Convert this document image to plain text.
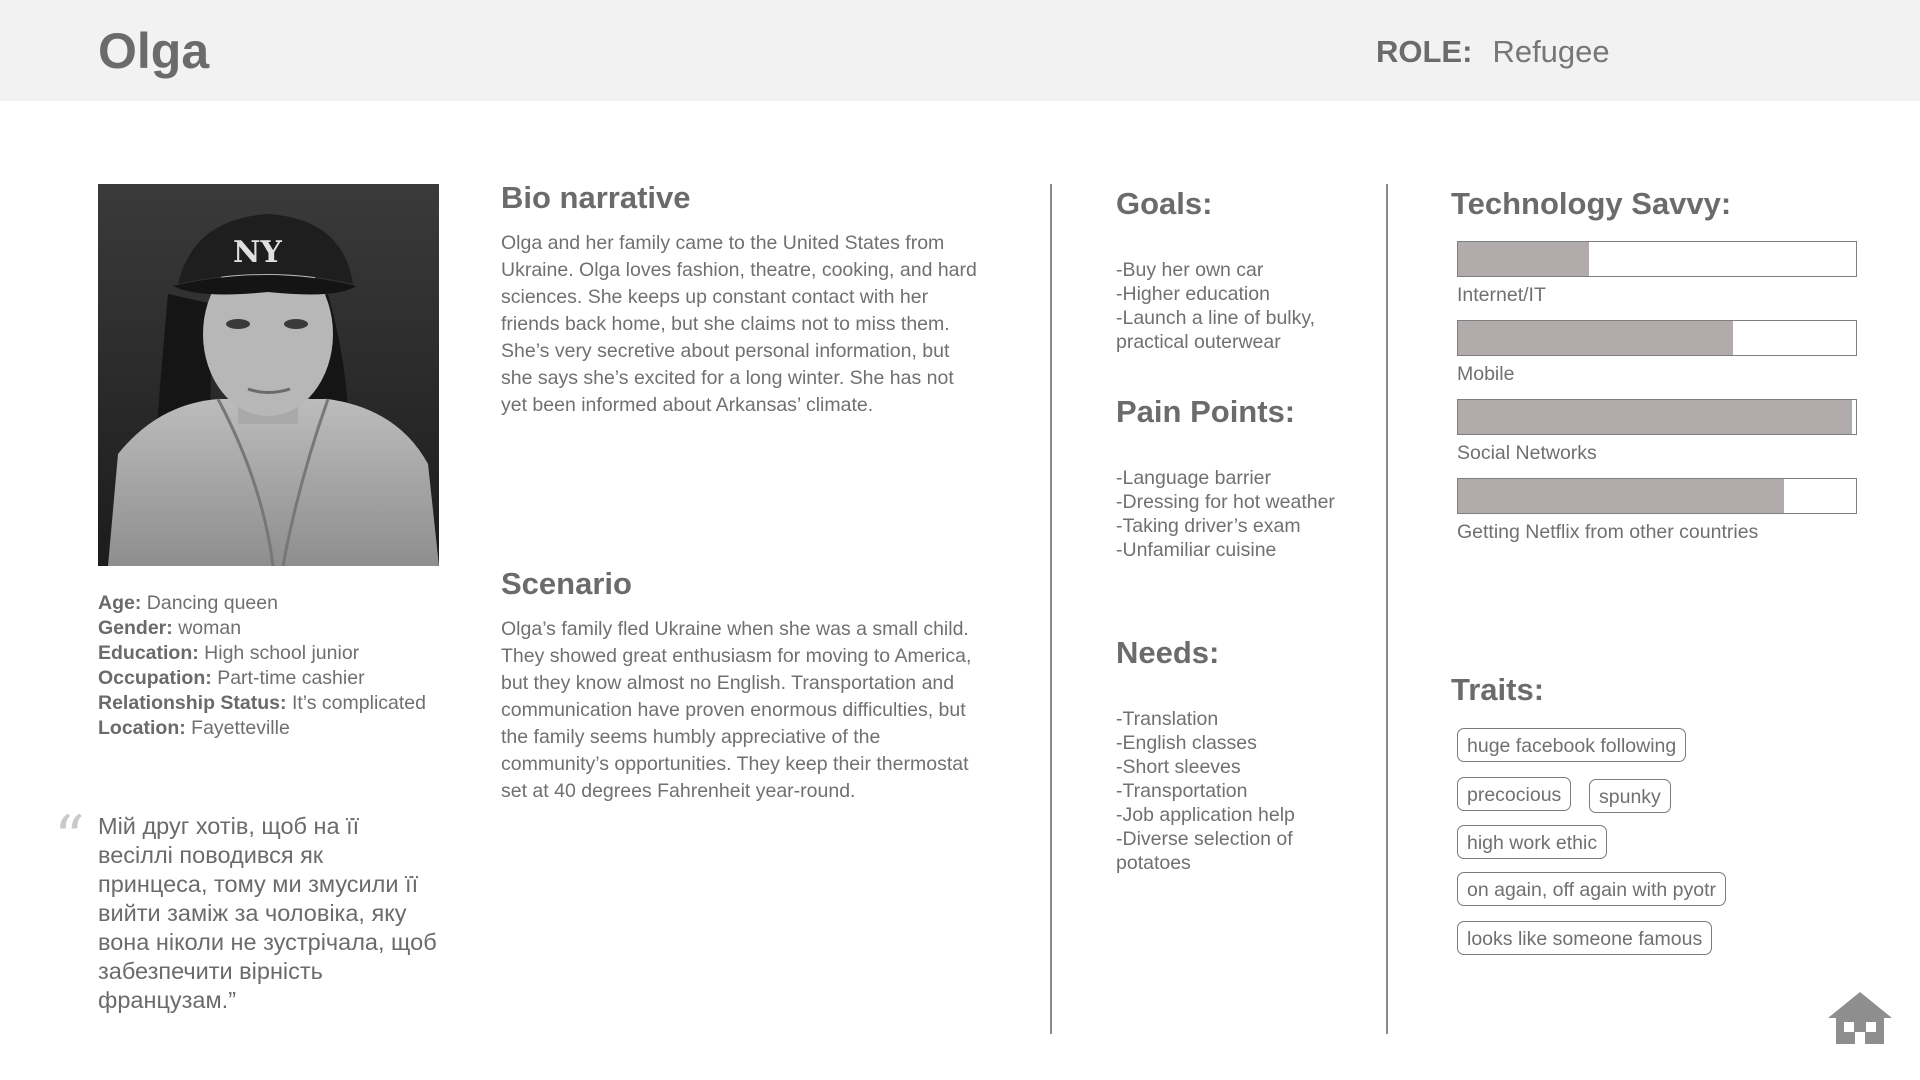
Olga	ROLE: Refugee
NY
Age: Dancing queen
Gender: woman
Education: High school junior
Occupation: Part-time cashier
Relationship Status: It’s complicated
Location: Fayetteville
“ Мій друг хотів, щоб на її весіллі поводився як принцеса, тому ми змусили її вийти заміж за чоловіка, яку вона ніколи не зустрічала, щоб забезпечити вірність французам.”
Bio narrative
Olga and her family came to the United States from Ukraine. Olga loves fashion, theatre, cooking, and hard sciences. She keeps up constant contact with her friends back home, but she claims not to miss them. She’s very secretive about personal information, but she says she’s excited for a long winter. She has not yet been informed about Arkansas’ climate.
Scenario
Olga’s family fled Ukraine when she was a small child. They showed great enthusiasm for moving to America, but they know almost no English. Transportation and communication have proven enormous difficulties, but the family seems humbly appreciative of the community’s opportunities. They keep their thermostat set at 40 degrees Fahrenheit year-round.
Goals:
-Buy her own car
-Higher education
-Launch a line of bulky, practical outerwear
Pain Points:
-Language barrier
-Dressing for hot weather
-Taking driver’s exam
-Unfamiliar cuisine
Needs:
-Translation
-English classes
-Short sleeves
-Transportation
-Job application help
-Diverse selection of potatoes
Technology Savvy:
Internet/IT
Mobile
Social Networks
Getting Netflix from other countries
Traits:
huge facebook following
precocious	spunky
high work ethic
on again, off again with pyotr
looks like someone famous
